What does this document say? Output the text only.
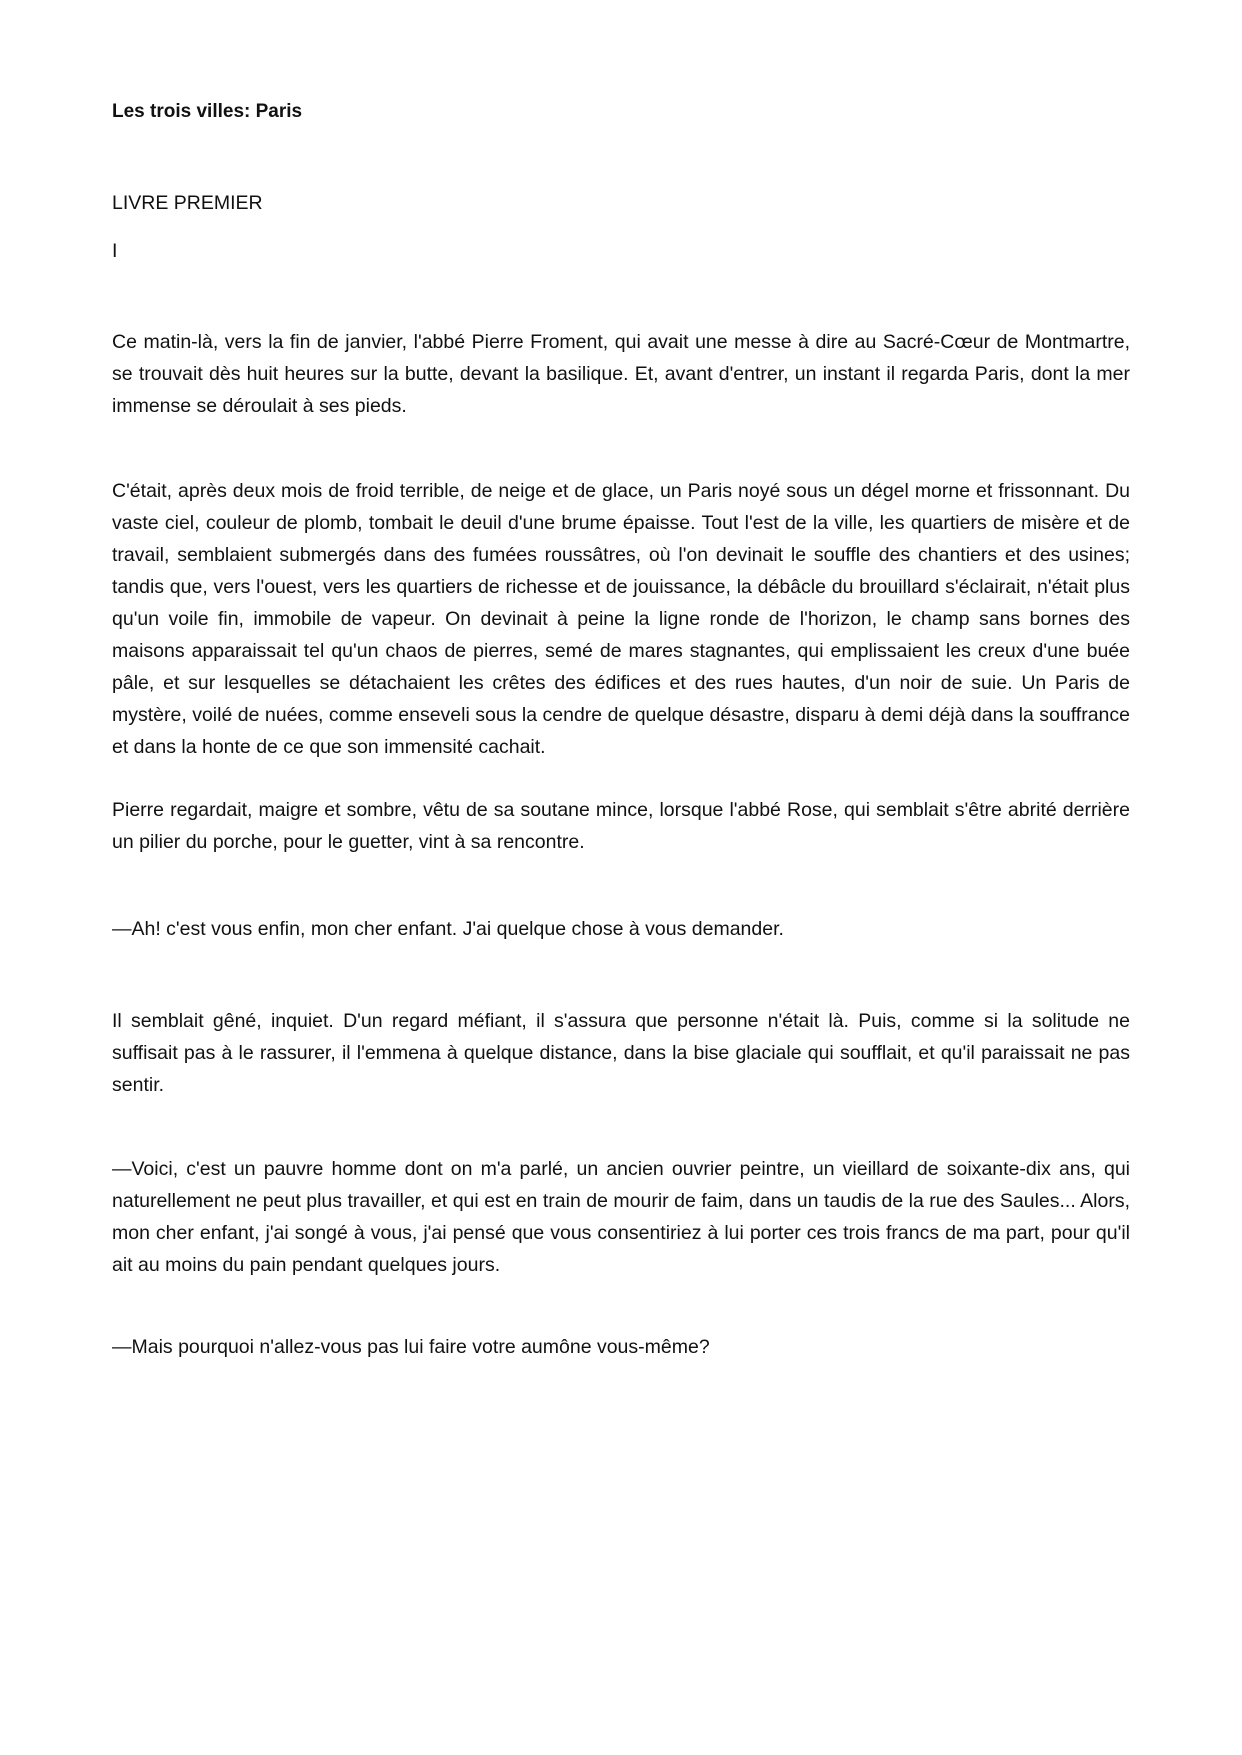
Les trois villes: Paris

LIVRE PREMIER

I

Ce matin-là, vers la fin de janvier, l'abbé Pierre Froment, qui avait une messe à dire au Sacré-Cœur de Montmartre, se trouvait dès huit heures sur la butte, devant la basilique. Et, avant d'entrer, un instant il regarda Paris, dont la mer immense se déroulait à ses pieds.

C'était, après deux mois de froid terrible, de neige et de glace, un Paris noyé sous un dégel morne et frissonnant. Du vaste ciel, couleur de plomb, tombait le deuil d'une brume épaisse. Tout l'est de la ville, les quartiers de misère et de travail, semblaient submergés dans des fumées roussâtres, où l'on devinait le souffle des chantiers et des usines; tandis que, vers l'ouest, vers les quartiers de richesse et de jouissance, la débâcle du brouillard s'éclairait, n'était plus qu'un voile fin, immobile de vapeur. On devinait à peine la ligne ronde de l'horizon, le champ sans bornes des maisons apparaissait tel qu'un chaos de pierres, semé de mares stagnantes, qui emplissaient les creux d'une buée pâle, et sur lesquelles se détachaient les crêtes des édifices et des rues hautes, d'un noir de suie. Un Paris de mystère, voilé de nuées, comme enseveli sous la cendre de quelque désastre, disparu à demi déjà dans la souffrance et dans la honte de ce que son immensité cachait.

Pierre regardait, maigre et sombre, vêtu de sa soutane mince, lorsque l'abbé Rose, qui semblait s'être abrité derrière un pilier du porche, pour le guetter, vint à sa rencontre.

—Ah! c'est vous enfin, mon cher enfant. J'ai quelque chose à vous demander.

Il semblait gêné, inquiet. D'un regard méfiant, il s'assura que personne n'était là. Puis, comme si la solitude ne suffisait pas à le rassurer, il l'emmena à quelque distance, dans la bise glaciale qui soufflait, et qu'il paraissait ne pas sentir.

—Voici, c'est un pauvre homme dont on m'a parlé, un ancien ouvrier peintre, un vieillard de soixante-dix ans, qui naturellement ne peut plus travailler, et qui est en train de mourir de faim, dans un taudis de la rue des Saules... Alors, mon cher enfant, j'ai songé à vous, j'ai pensé que vous consentiriez à lui porter ces trois francs de ma part, pour qu'il ait au moins du pain pendant quelques jours.

—Mais pourquoi n'allez-vous pas lui faire votre aumône vous-même?
